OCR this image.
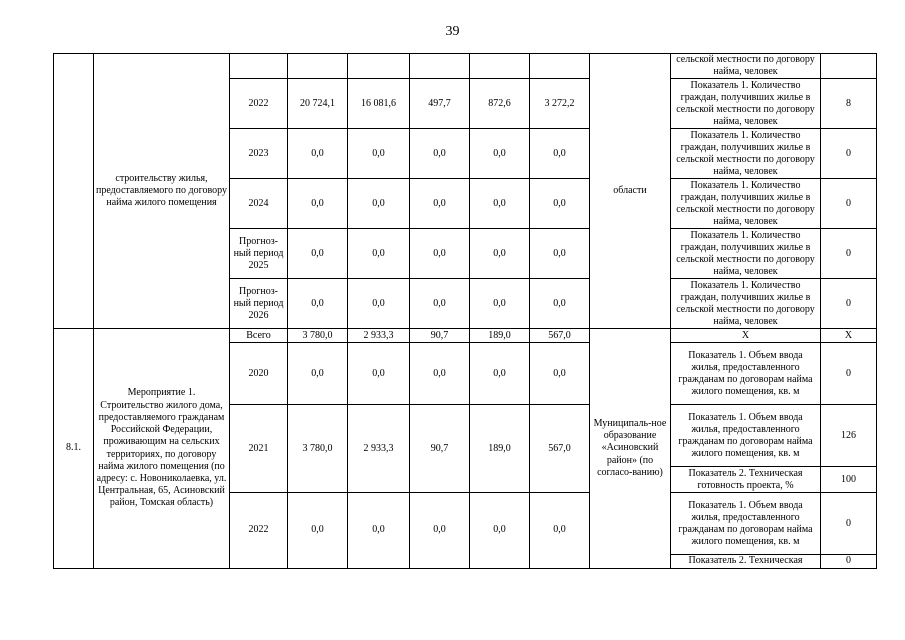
39
	строительству жилья, предоставляемого по договору найма жилого помещения							области	сельской местности по договору найма, человек	
		2022	20 724,1	16 081,6	497,7	872,6	3 272,2		Показатель 1. Количество граждан, получивших жилье в сельской местности по договору найма, человек	8
		2023	0,0	0,0	0,0	0,0	0,0		Показатель 1. Количество граждан, получивших жилье в сельской местности по договору найма, человек	0
		2024	0,0	0,0	0,0	0,0	0,0		Показатель 1. Количество граждан, получивших жилье в сельской местности по договору найма, человек	0
		Прогноз-ный период 2025	0,0	0,0	0,0	0,0	0,0		Показатель 1. Количество граждан, получивших жилье в сельской местности по договору найма, человек	0
		Прогноз-ный период 2026	0,0	0,0	0,0	0,0	0,0		Показатель 1. Количество граждан, получивших жилье в сельской местности по договору найма, человек	0
8.1.	Мероприятие 1. Строительство жилого дома, предоставляемого гражданам Российской Федерации, проживающим на сельских территориях, по договору найма жилого помещения (по адресу: с. Новониколаевка, ул. Центральная, 65, Асиновский район, Томская область)	Всего	3 780,0	2 933,3	90,7	189,0	567,0	Муниципаль-ное образование «Асиновский район» (по согласо-ванию)	Х	Х
		2020	0,0	0,0	0,0	0,0	0,0		Показатель 1. Объем ввода жилья, предоставленного гражданам по договорам найма жилого помещения, кв. м	0
		2021	3 780,0	2 933,3	90,7	189,0	567,0		Показатель 1. Объем ввода жилья, предоставленного гражданам по договорам найма жилого помещения, кв. м	126
									Показатель 2. Техническая готовность проекта, %	100
		2022	0,0	0,0	0,0	0,0	0,0		Показатель 1. Объем ввода жилья, предоставленного гражданам по договорам найма жилого помещения, кв. м	0
									Показатель 2. Техническая	0
